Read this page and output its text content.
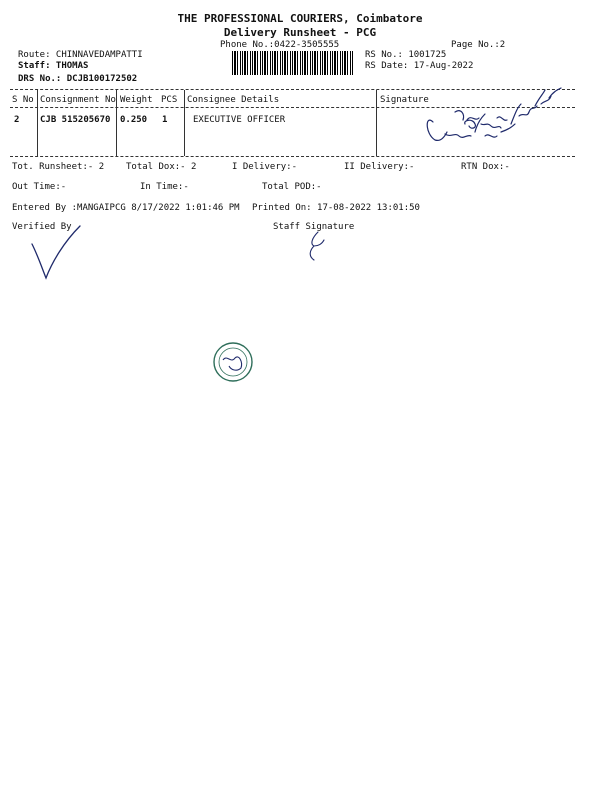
THE PROFESSIONAL COURIERS, Coimbatore
Delivery Runsheet - PCG
Phone No.:0422-3505555	Page No.:2
Route: CHINNAVEDAMPATTI
Staff: THOMAS
DRS No.: DCJB100172502
RS No.: 1001725
RS Date: 17-Aug-2022
S No Consignment No Weight PCS Consignee Details	Signature
2 CJB 515205670 0.250 1	EXECUTIVE OFFICER
Tot. Runsheet:- 2 Total Dox:- 2	I Delivery:-	II Delivery:-	RTN Dox:-
Out Time:-	In Time:-	Total POD:-
Entered By :MANGAIPCG 8/17/2022 1:01:46 PM Printed On: 17-08-2022 13:01:50
Verified By	Staff Signature
